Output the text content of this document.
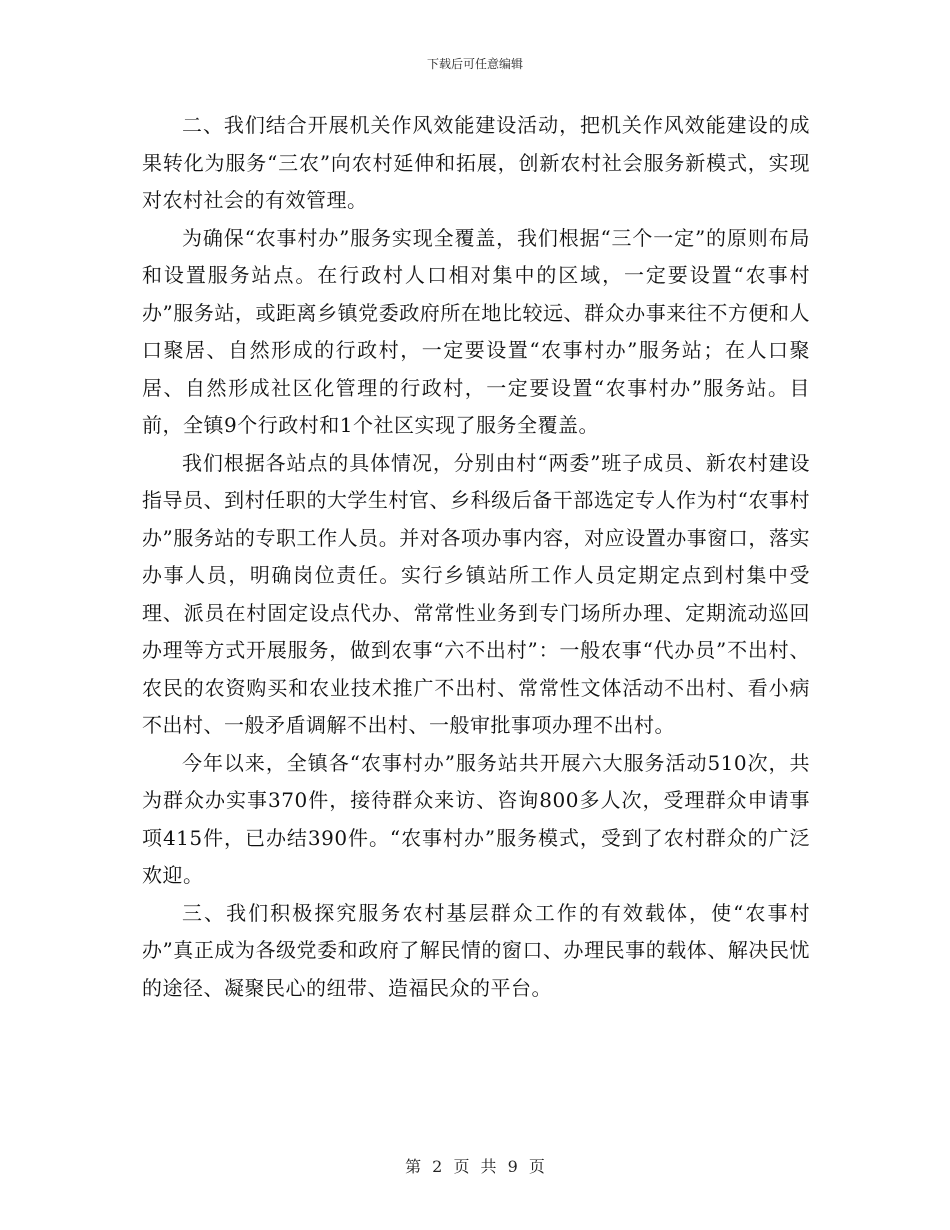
下载后可任意编辑

二、我们结合开展机关作风效能建设活动，把机关作风效能建设的成果转化为服务“三农”向农村延伸和拓展，创新农村社会服务新模式，实现对农村社会的有效管理。

为确保“农事村办”服务实现全覆盖，我们根据“三个一定”的原则布局和设置服务站点。在行政村人口相对集中的区域，一定要设置“农事村办”服务站，或距离乡镇党委政府所在地比较远、群众办事来往不方便和人口聚居、自然形成的行政村，一定要设置“农事村办”服务站；在人口聚居、自然形成社区化管理的行政村，一定要设置“农事村办”服务站。目前，全镇9个行政村和1个社区实现了服务全覆盖。

我们根据各站点的具体情况，分别由村“两委”班子成员、新农村建设指导员、到村任职的大学生村官、乡科级后备干部选定专人作为村“农事村办”服务站的专职工作人员。并对各项办事内容，对应设置办事窗口，落实办事人员，明确岗位责任。实行乡镇站所工作人员定期定点到村集中受理、派员在村固定设点代办、常常性业务到专门场所办理、定期流动巡回办理等方式开展服务，做到农事“六不出村”：一般农事“代办员”不出村、农民的农资购买和农业技术推广不出村、常常性文体活动不出村、看小病不出村、一般矛盾调解不出村、一般审批事项办理不出村。

今年以来，全镇各“农事村办”服务站共开展六大服务活动510次，共为群众办实事370件，接待群众来访、咨询800多人次，受理群众申请事项415件，已办结390件。“农事村办”服务模式，受到了农村群众的广泛欢迎。

三、我们积极探究服务农村基层群众工作的有效载体，使“农事村办”真正成为各级党委和政府了解民情的窗口、办理民事的载体、解决民忧的途径、凝聚民心的纽带、造福民众的平台。

第 2 页 共 9 页
